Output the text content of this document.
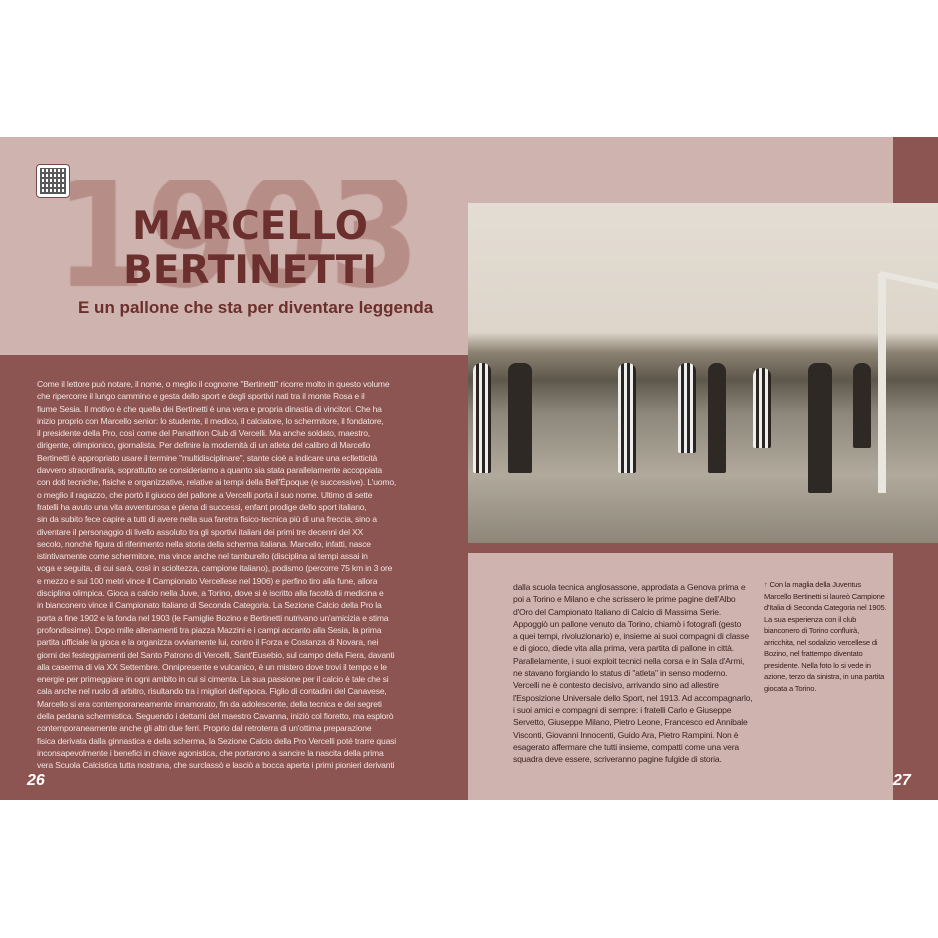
MARCELLO
BERTINETTI
E un pallone che sta per diventare leggenda
Come il lettore può notare, il nome, o meglio il cognome "Bertinetti" ricorre molto in questo volume
che ripercorre il lungo cammino e gesta dello sport e degli sportivi nati tra il monte Rosa e il
fiume Sesia. Il motivo è che quella dei Bertinetti è una vera e propria dinastia di vincitori. Che ha
inizio proprio con Marcello senior: lo studente, il medico, il calciatore, lo schermitore, il fondatore,
il presidente della Pro, così come del Panathlon Club di Vercelli. Ma anche soldato, maestro,
dirigente, olimpionico, giornalista. Per definire la modernità di un atleta del calibro di Marcello
Bertinetti è appropriato usare il termine "multidisciplinare", stante cioè a indicare una eclletticità
davvero straordinaria, soprattutto se consideriamo a quanto sia stata parallelamente accoppiata
con doti tecniche, fisiche e organizzative, relative ai tempi della Bell'Époque (e successive). L'uomo,
o meglio il ragazzo, che portò il giuoco del pallone a Vercelli porta il suo nome. Ultimo di sette
fratelli ha avuto una vita avventurosa e piena di successi, enfant prodige dello sport italiano,
sin da subito fece capire a tutti di avere nella sua faretra fisico-tecnica più di una freccia, sino a
diventare il personaggio di livello assoluto tra gli sportivi italiani dei primi tre decenni del XX
secolo, nonché figura di riferimento nella storia della scherma italiana. Marcello, infatti, nasce
istintivamente come schermitore, ma vince anche nel tamburello (disciplina ai tempi assai in
voga e seguita, di cui sarà, così in scioltezza, campione italiano), podismo (percorre 75 km in 3 ore
e mezzo e sui 100 metri vince il Campionato Vercellese nel 1906) e perfino tiro alla fune, allora
disciplina olimpica. Gioca a calcio nella Juve, a Torino, dove si è iscritto alla facoltà di medicina e
in bianconero vince il Campionato Italiano di Seconda Categoria. La Sezione Calcio della Pro la
porta a fine 1902 e la fonda nel 1903 (le Famiglie Bozino e Bertinetti nutrivano un'amicizia e stima
profondissime). Dopo mille allenamenti tra piazza Mazzini e i campi accanto alla Sesia, la prima
partita ufficiale la gioca e la organizza ovviamente lui, contro il Forza e Costanza di Novara, nei
giorni dei festeggiamenti del Santo Patrono di Vercelli, Sant'Eusebio, sul campo della Fiera, davanti
alla caserma di via XX Settembre. Onnipresente e vulcanico, è un mistero dove trovi il tempo e le
energie per primeggiare in ogni ambito in cui si cimenta. La sua passione per il calcio è tale che si
cala anche nel ruolo di arbitro, risultando tra i migliori dell'epoca. Figlio di contadini del Canavese,
Marcello si era contemporaneamente innamorato, fin da adolescente, della tecnica e dei segreti
della pedana schermistica. Seguendo i dettami del maestro Cavanna, iniziò col fioretto, ma esplorò
contemporaneamente anche gli altri due ferri. Proprio dal retroterra di un'ottima preparazione
fisica derivata dalla ginnastica e della scherma, la Sezione Calcio della Pro Vercelli poté trarre quasi
inconsapevolmente i benefici in chiave agonistica, che portarono a sancire la nascita della prima
vera Scuola Calcistica tutta nostrana, che surclassò e lasciò a bocca aperta i primi pionieri derivanti
26
dalla scuola tecnica anglosassone, approdata a Genova prima e
poi a Torino e Milano e che scrissero le prime pagine dell'Albo
d'Oro del Campionato Italiano di Calcio di Massima Serie.
Appoggiò un pallone venuto da Torino, chiamò i fotografi (gesto
a quei tempi, rivoluzionario) e, insieme ai suoi compagni di classe
e di gioco, diede vita alla prima, vera partita di pallone in città.
Parallelamente, i suoi exploit tecnici nella corsa e in Sala d'Armi,
ne stavano forgiando lo status di "atleta" in senso moderno.
Vercelli ne è contesto decisivo, arrivando sino ad allestire
l'Esposizione Universale dello Sport, nel 1913. Ad accompagnarlo,
i suoi amici e compagni di sempre: i fratelli Carlo e Giuseppe
Servetto, Giuseppe Milano, Pietro Leone, Francesco ed Annibale
Visconti, Giovanni Innocenti, Guido Ara, Pietro Rampini. Non è
esagerato affermare che tutti insieme, compatti come una vera
squadra deve essere, scriveranno pagine fulgide di storia.
↑ Con la maglia della Juventus Marcello Bertinetti si laureò Campione d'Italia di Seconda Categoria nel 1905. La sua esperienza con il club bianconero di Torino confluirà, arricchita, nel sodalizio vercellese di Bozino, nel frattempo diventato presidente. Nella foto lo si vede in azione, terzo da sinistra, in una partita giocata a Torino.
27
